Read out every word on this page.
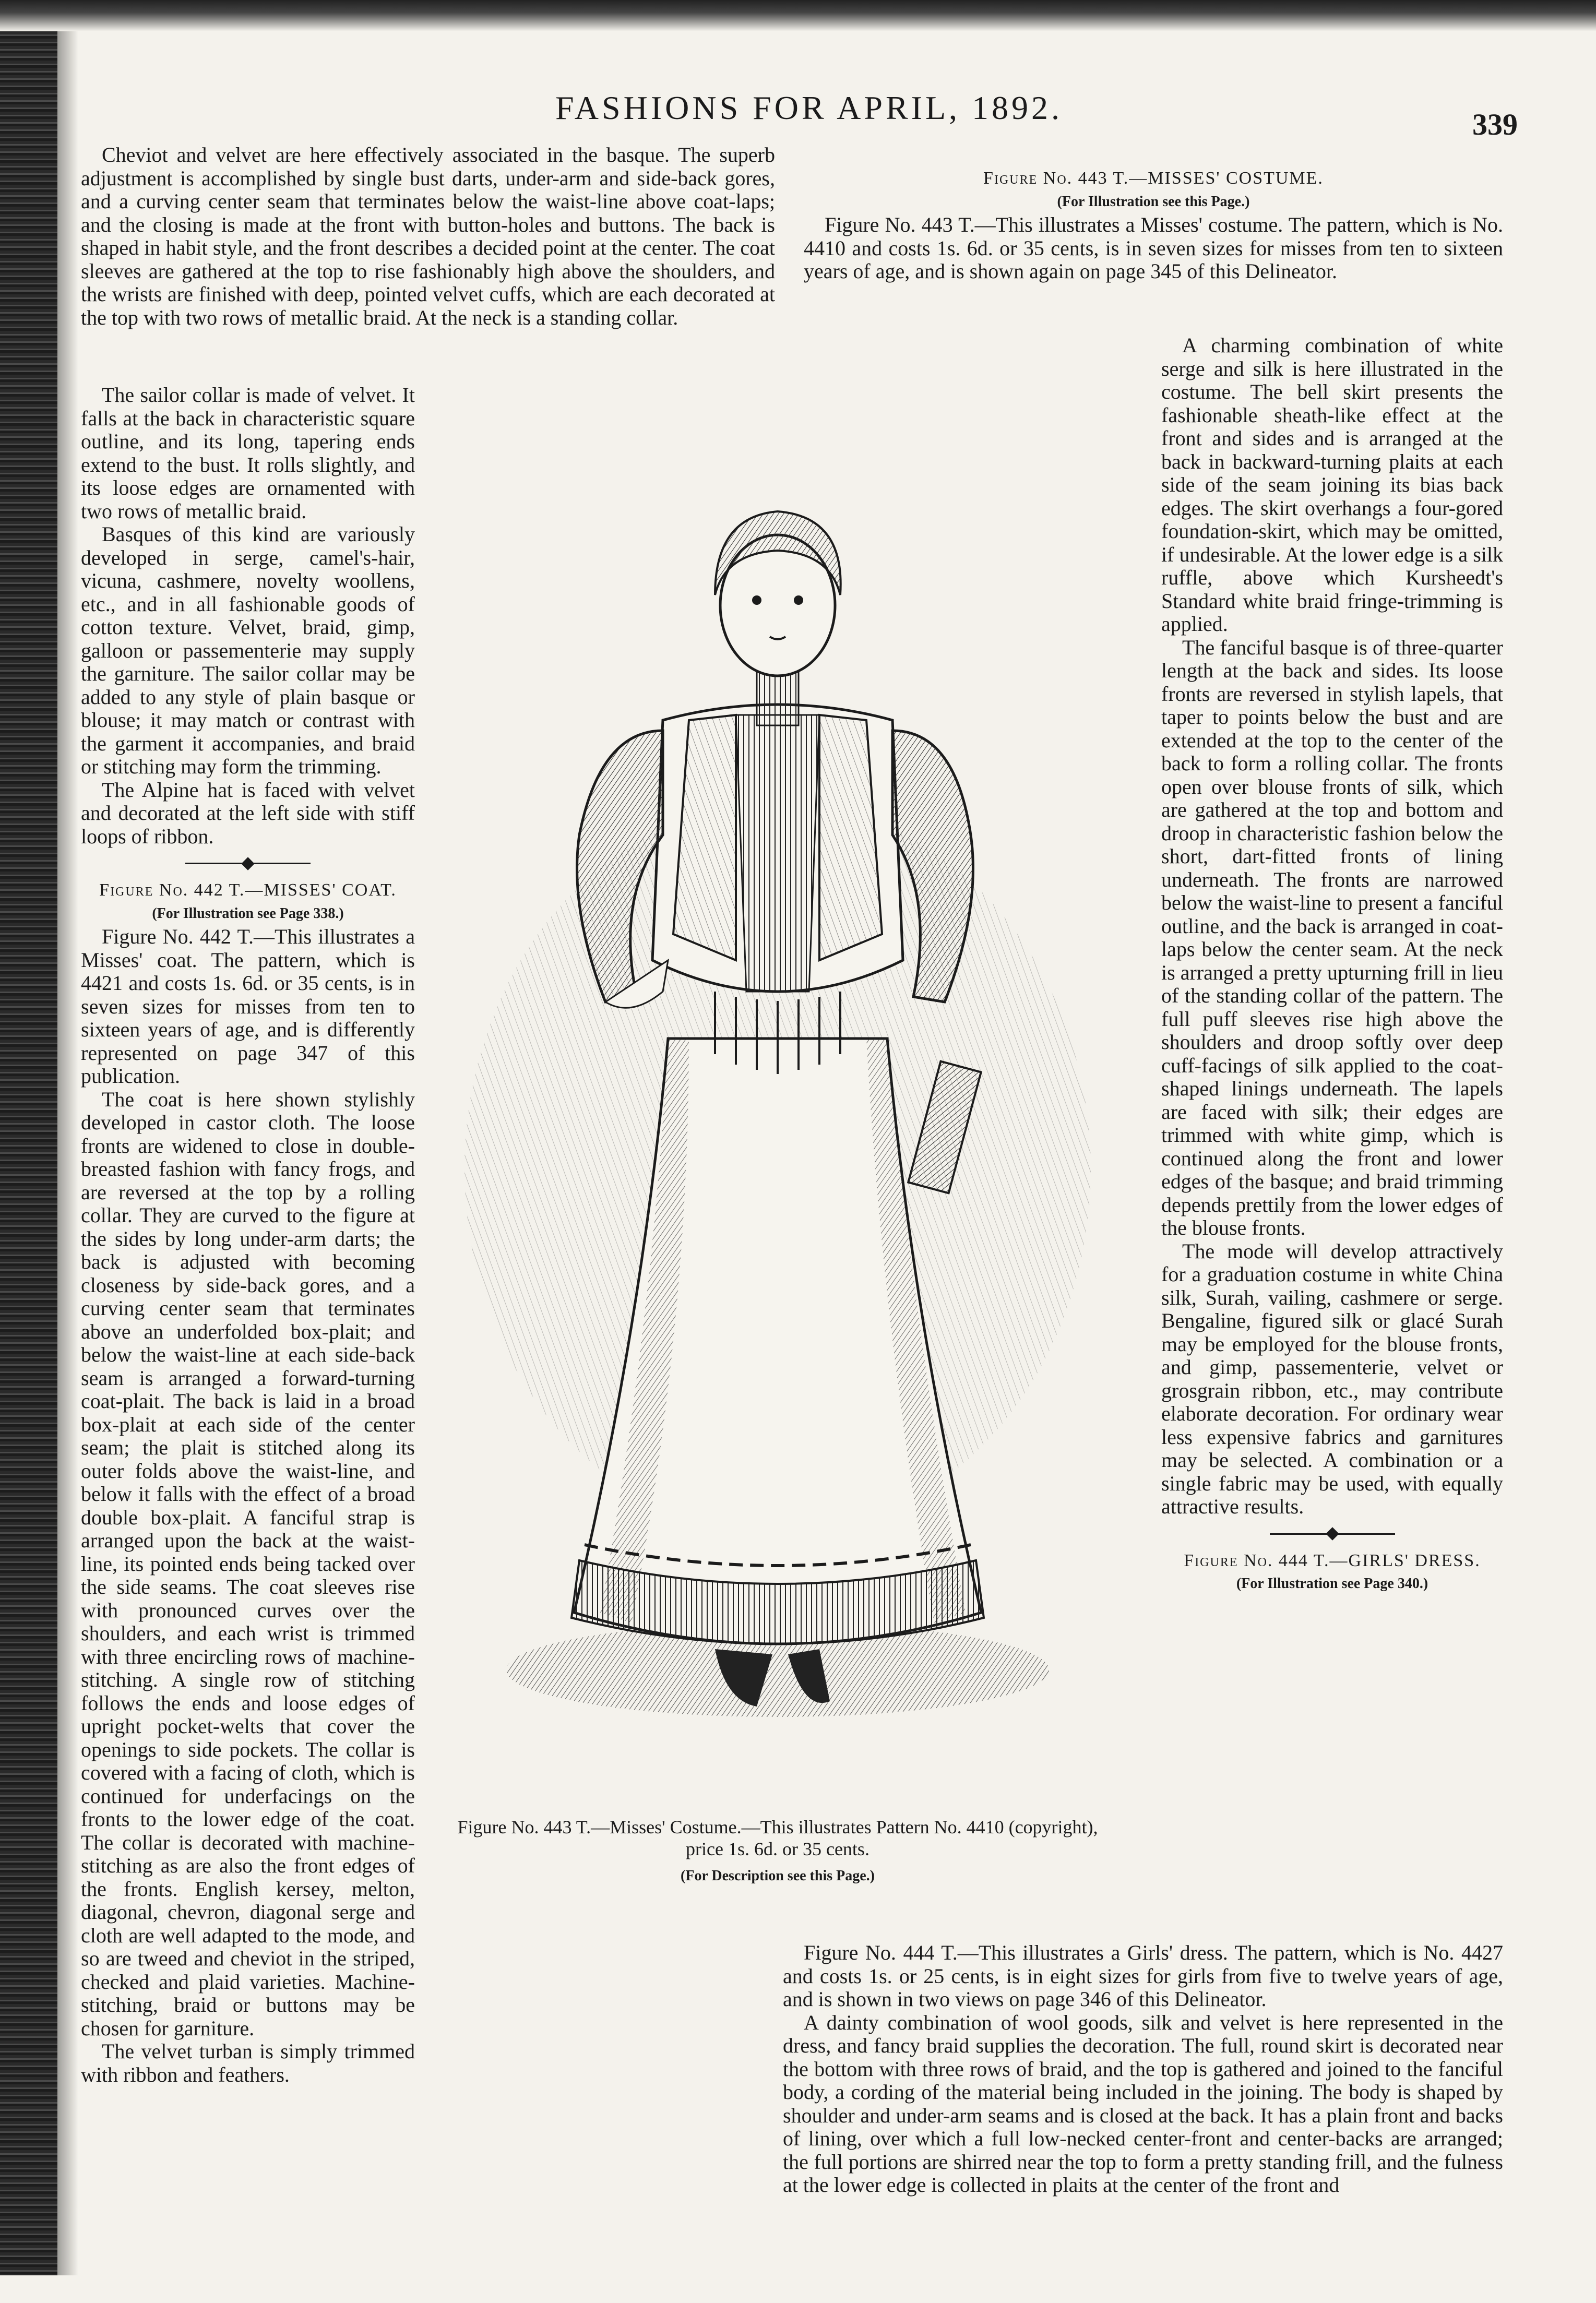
FASHIONS FOR APRIL, 1892.	339

Cheviot and velvet are here effectively associated in the basque. The superb adjustment is accomplished by single bust darts, under-arm and side-back gores, and a curving center seam that terminates below the waist-line above coat-laps; and the closing is made at the front with button-holes and buttons. The back is shaped in habit style, and the front describes a decided point at the center. The coat sleeves are gathered at the top to rise fashionably high above the shoulders, and the wrists are finished with deep, pointed velvet cuffs, which are each decorated at the top with two rows of metallic braid. At the neck is a standing collar.

The sailor collar is made of velvet. It falls at the back in characteristic square outline, and its long, tapering ends extend to the bust. It rolls slightly, and its loose edges are ornamented with two rows of metallic braid.

Basques of this kind are variously developed in serge, camel's-hair, vicuna, cashmere, novelty woollens, etc., and in all fashionable goods of cotton texture. Velvet, braid, gimp, galloon or passementerie may supply the garniture. The sailor collar may be added to any style of plain basque or blouse; it may match or contrast with the garment it accompanies, and braid or stitching may form the trimming.

The Alpine hat is faced with velvet and decorated at the left side with stiff loops of ribbon.

Figure No. 442 T.—MISSES' COAT.

(For Illustration see Page 338.)

Figure No. 442 T.—This illustrates a Misses' coat. The pattern, which is 4421 and costs 1s. 6d. or 35 cents, is in seven sizes for misses from ten to sixteen years of age, and is differently represented on page 347 of this publication.

The coat is here shown stylishly developed in castor cloth. The loose fronts are widened to close in double-breasted fashion with fancy frogs, and are reversed at the top by a rolling collar. They are curved to the figure at the sides by long under-arm darts; the back is adjusted with becoming closeness by side-back gores, and a curving center seam that terminates above an underfolded box-plait; and below the waist-line at each side-back seam is arranged a forward-turning coat-plait. The back is laid in a broad box-plait at each side of the center seam; the plait is stitched along its outer folds above the waist-line, and below it falls with the effect of a broad double box-plait. A fanciful strap is arranged upon the back at the waist-line, its pointed ends being tacked over the side seams. The coat sleeves rise with pronounced curves over the shoulders, and each wrist is trimmed with three encircling rows of machine-stitching. A single row of stitching follows the ends and loose edges of upright pocket-welts that cover the openings to side pockets. The collar is covered with a facing of cloth, which is continued for underfacings on the fronts to the lower edge of the coat. The collar is decorated with machine-stitching as are also the front edges of the fronts. English kersey, melton, diagonal, chevron, diagonal serge and cloth are well adapted to the mode, and so are tweed and cheviot in the striped, checked and plaid varieties. Machine-stitching, braid or buttons may be chosen for garniture.

The velvet turban is simply trimmed with ribbon and feathers.

Figure No. 443 T.—MISSES' COSTUME.

(For Illustration see this Page.)

Figure No. 443 T.—This illustrates a Misses' costume. The pattern, which is No. 4410 and costs 1s. 6d. or 35 cents, is in seven sizes for misses from ten to sixteen years of age, and is shown again on page 345 of this Delineator.

A charming combination of white serge and silk is here illustrated in the costume. The bell skirt presents the fashionable sheath-like effect at the front and sides and is arranged at the back in backward-turning plaits at each side of the seam joining its bias back edges. The skirt overhangs a four-gored foundation-skirt, which may be omitted, if undesirable. At the lower edge is a silk ruffle, above which Kursheedt's Standard white braid fringe-trimming is applied.

The fanciful basque is of three-quarter length at the back and sides. Its loose fronts are reversed in stylish lapels, that taper to points below the bust and are extended at the top to the center of the back to form a rolling collar. The fronts open over blouse fronts of silk, which are gathered at the top and bottom and droop in characteristic fashion below the short, dart-fitted fronts of lining underneath. The fronts are narrowed below the waist-line to present a fanciful outline, and the back is arranged in coat-laps below the center seam. At the neck is arranged a pretty upturning frill in lieu of the standing collar of the pattern. The full puff sleeves rise high above the shoulders and droop softly over deep cuff-facings of silk applied to the coat-shaped linings underneath. The lapels are faced with silk; their edges are trimmed with white gimp, which is continued along the front and lower edges of the basque; and braid trimming depends prettily from the lower edges of the blouse fronts.

The mode will develop attractively for a graduation costume in white China silk, Surah, vailing, cashmere or serge. Bengaline, figured silk or glacé Surah may be employed for the blouse fronts, and gimp, passementerie, velvet or grosgrain ribbon, etc., may contribute elaborate decoration. For ordinary wear less expensive fabrics and garnitures may be selected. A combination or a single fabric may be used, with equally attractive results.

Figure No. 444 T.—GIRLS' DRESS.

(For Illustration see Page 340.)

Figure No. 444 T.—This illustrates a Girls' dress. The pattern, which is No. 4427 and costs 1s. or 25 cents, is in eight sizes for girls from five to twelve years of age, and is shown in two views on page 346 of this Delineator.

A dainty combination of wool goods, silk and velvet is here represented in the dress, and fancy braid supplies the decoration. The full, round skirt is decorated near the bottom with three rows of braid, and the top is gathered and joined to the fanciful body, a cording of the material being included in the joining. The body is shaped by shoulder and under-arm seams and is closed at the back. It has a plain front and backs of lining, over which a full low-necked center-front and center-backs are arranged; the full portions are shirred near the top to form a pretty standing frill, and the fulness at the lower edge is collected in plaits at the center of the front and

Figure No. 443 T.—Misses' Costume.—This illustrates Pattern No. 4410 (copyright), price 1s. 6d. or 35 cents.
(For Description see this Page.)
